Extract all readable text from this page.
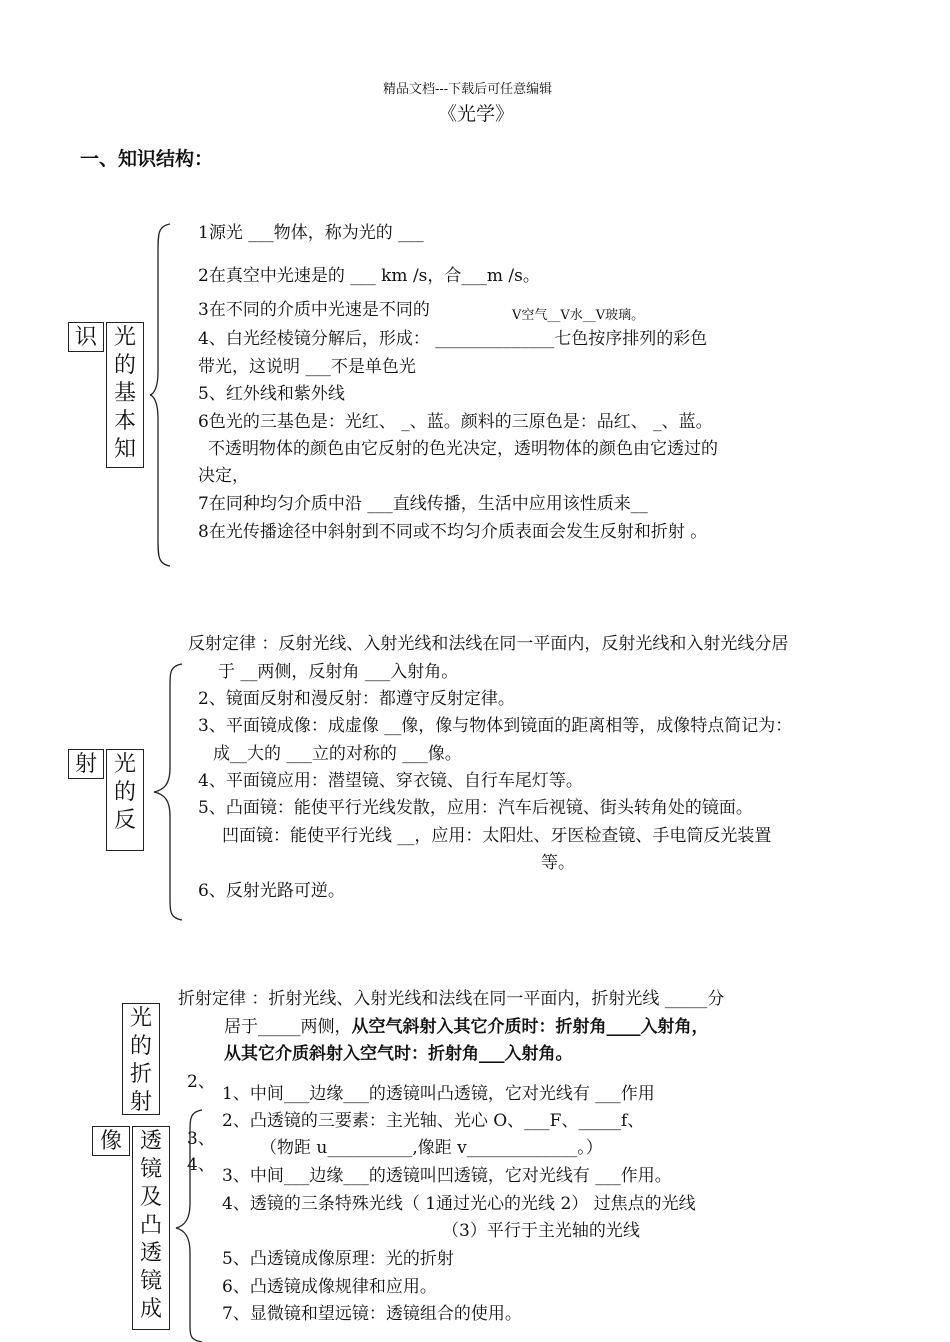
精品文档---下载后可任意编辑
《光学》
一、知识结构：
识 光
的
基
本
知
1源光 ___物体，称为光的 ___
2在真空中光速是的 ___ km /s，合___m /s。
3在不同的介质中光速是不同的	V空气__V水__V玻璃。
4、白光经棱镜分解后，形成： ______________七色按序排列的彩色
带光，这说明 ___不是单色光
5、红外线和紫外线
6色光的三基色是：光红、 _、蓝。颜料的三原色是：品红、 _、蓝。
不透明物体的颜色由它反射的色光决定，透明物体的颜色由它透过的
决定，
7在同种均匀介质中沿 ___直线传播，生活中应用该性质来__
8在光传播途径中斜射到不同或不均匀介质表面会发生反射和折射 。
反射定律 ：反射光线、入射光线和法线在同一平面内，反射光线和入射光线分居
射 光
的
反
于 __两侧，反射角 ___入射角。
2、镜面反射和漫反射：都遵守反射定律。
3、平面镜成像：成虚像 __像，像与物体到镜面的距离相等，成像特点简记为：
成__大的 ___立的对称的 ___像。
4、平面镜应用：潜望镜、穿衣镜、自行车尾灯等。
5、凸面镜：能使平行光线发散，应用：汽车后视镜、街头转角处的镜面。
凹面镜：能使平行光线 __，应用：太阳灶、牙医检查镜、手电筒反光装置
等。
6、反射光路可逆。
折射定律 ：折射光线、入射光线和法线在同一平面内，折射光线 _____分
光
的
折
射
居于_____两侧，从空气斜射入其它介质时：折射角____入射角，
从其它介质斜射入空气时：折射角___入射角。
2、
3、
4、
像 透
镜
及
凸
透
镜
成
1、中间___边缘___的透镜叫凸透镜，它对光线有 ___作用
2、凸透镜的三要素：主光轴、光心 O、___F、_____f、
（物距 u__________,像距 v_____________。）
3、中间___边缘___的透镜叫凹透镜，它对光线有 ___作用。
4、透镜的三条特殊光线（ 1通过光心的光线 2） 过焦点的光线
（3）平行于主光轴的光线
5、凸透镜成像原理：光的折射
6、凸透镜成像规律和应用。
7、显微镜和望远镜：透镜组合的使用。
